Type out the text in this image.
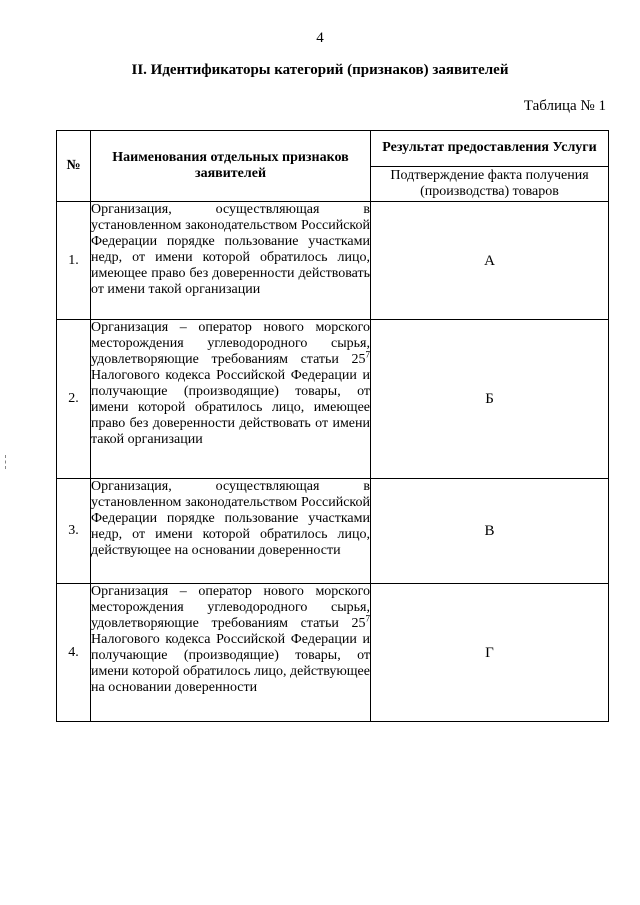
4
II. Идентификаторы категорий (признаков) заявителей
Таблица № 1
№	Наименования отдельных признаков заявителей	Результат предоставления Услуги
		Подтверждение факта получения (производства) товаров
1.	Организация, осуществляющая в установленном законодательством Российской Федерации порядке пользование участками недр, от имени которой обратилось лицо, имеющее право без доверенности действовать от имени такой организации	А
2.	Организация – оператор нового морского месторождения углеводородного сырья, удовлетворяющие требованиям статьи $25^7$ Налогового кодекса Российской Федерации и получающие (производящие) товары, от имени которой обратилось лицо, имеющее право без доверенности действовать от имени такой организации	Б
3.	Организация, осуществляющая в установленном законодательством Российской Федерации порядке пользование участками недр, от имени которой обратилось лицо, действующее на основании доверенности	В
4.	Организация – оператор нового морского месторождения углеводородного сырья, удовлетворяющие требованиям статьи $25^7$ Налогового кодекса Российской Федерации и получающие (производящие) товары, от имени которой обратилось лицо, действующее на основании доверенности	Г
